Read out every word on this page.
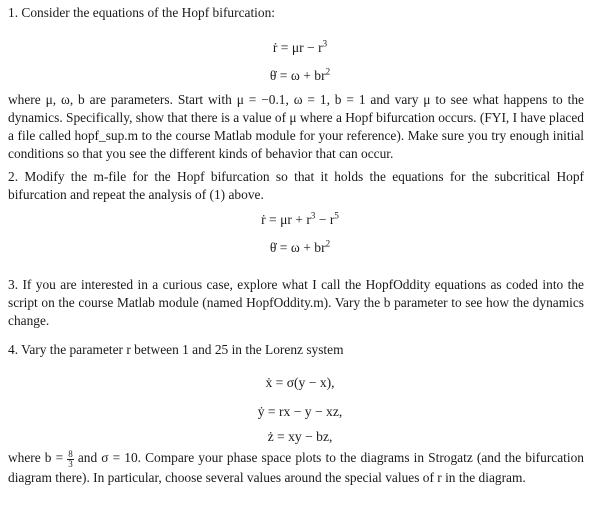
1. Consider the equations of the Hopf bifurcation:
ṙ = $\mu r - r^3$
θ̇ = $\omega + br^2$
where μ, ω, b are parameters. Start with μ = −0.1, ω = 1, b = 1 and vary μ to see what happens to the dynamics. Specifically, show that there is a value of μ where a Hopf bifurcation occurs. (FYI, I have placed a file called hopf_sup.m to the course Matlab module for your reference). Make sure you try enough initial conditions so that you see the different kinds of behavior that can occur.
2. Modify the m-file for the Hopf bifurcation so that it holds the equations for the subcritical Hopf bifurcation and repeat the analysis of (1) above.
ṙ = $\mu r + r^3 - r^5$
θ̇ = $\omega + br^2$
3. If you are interested in a curious case, explore what I call the HopfOddity equations as coded into the script on the course Matlab module (named HopfOddity.m). Vary the b parameter to see how the dynamics change.
4. Vary the parameter r between 1 and 25 in the Lorenz system
ẋ = σ(y − x),
ẏ = rx − y − xz,
ż = xy − bz,
where $b = \frac{8}{3}$ and σ = 10. Compare your phase space plots to the diagrams in Strogatz (and the bifurcation diagram there). In particular, choose several values around the special values of r in the diagram.
